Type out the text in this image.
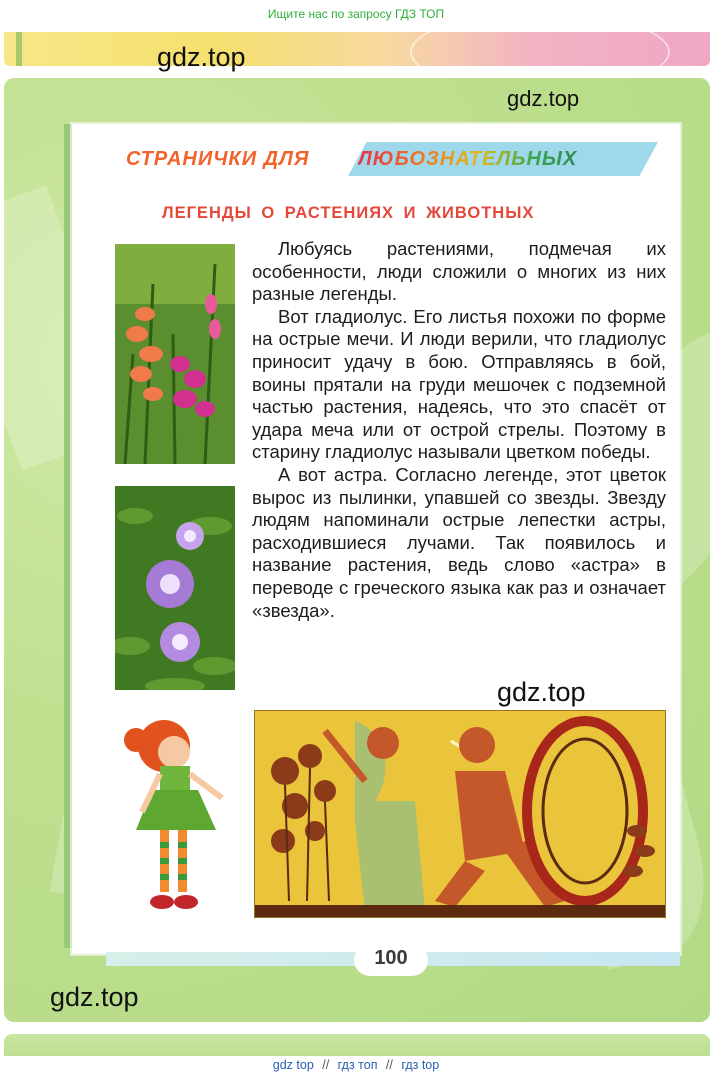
Ищите нас по запросу ГДЗ ТОП
СТРАНИЧКИ ДЛЯ ЛЮБОЗНАТЕЛЬНЫХ
ЛЕГЕНДЫ О РАСТЕНИЯХ И ЖИВОТНЫХ

Любуясь растениями, подмечая их особенности, люди сложили о многих из них разные легенды.

Вот гладиолус. Его листья похожи по форме на острые мечи. И люди верили, что гладиолус приносит удачу в бою. Отправляясь в бой, воины прятали на груди мешочек с подземной частью растения, надеясь, что это спасёт от удара меча или от острой стрелы. Поэтому в старину гладиолус называли цветком победы.

А вот астра. Согласно легенде, этот цветок вырос из пылинки, упавшей со звезды. Звезду людям напоминали острые лепестки астры, расходившиеся лучами. Так появилось и название растения, ведь слово «астра» в переводе с греческого языка как раз и означает «звезда».

100
gdz.top
gdz.top
gdz.top
gdz.top
gdz top // гдз топ // гдз top
